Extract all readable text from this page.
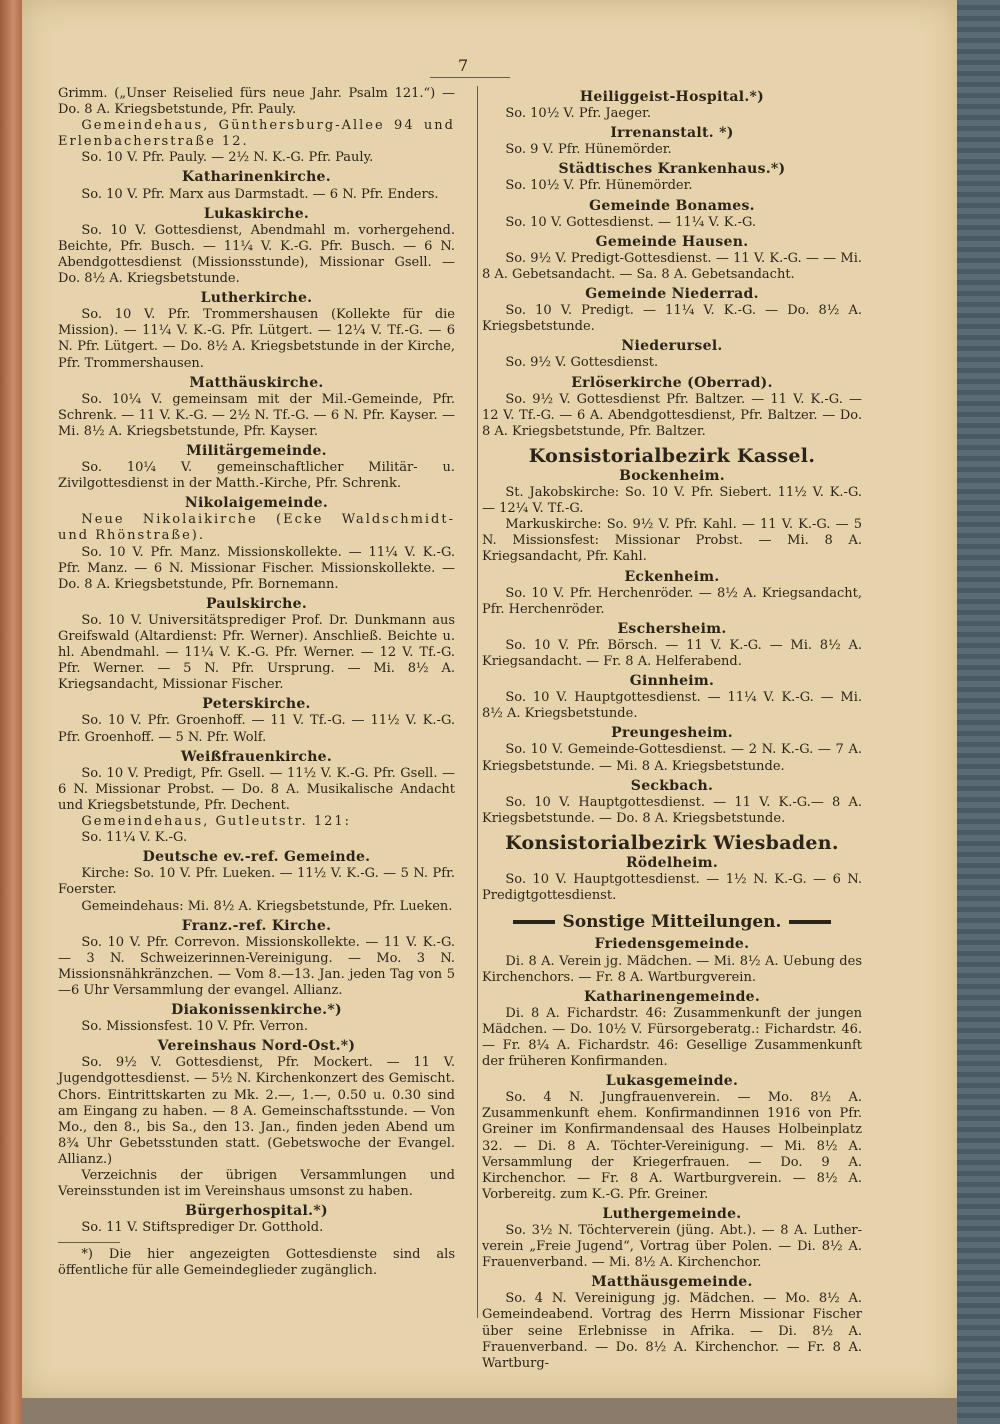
7

Grimm. („Unser Reiselied fürs neue Jahr. Psalm 121.“) — Do. 8 A. Kriegsbetstunde, Pfr. Pauly.

Gemeindehaus, Günthersburg-Allee 94 und Erlenbacherstraße 12.

So. 10 V. Pfr. Pauly. — 2½ N. K.-G. Pfr. Pauly.

Katharinenkirche.

So. 10 V. Pfr. Marx aus Darmstadt. — 6 N. Pfr. Enders.

Lukaskirche.

So. 10 V. Gottesdienst, Abendmahl m. vorhergehend. Beichte, Pfr. Busch. — 11¼ V. K.-G. Pfr. Busch. — 6 N. Abendgottesdienst (Missionsstunde), Missionar Gsell. — Do. 8½ A. Kriegsbetstunde.

Lutherkirche.

So. 10 V. Pfr. Trommershausen (Kollekte für die Mission). — 11¼ V. K.-G. Pfr. Lütgert. — 12¼ V. Tf.-G. — 6 N. Pfr. Lütgert. — Do. 8½ A. Kriegsbetstunde in der Kirche, Pfr. Trommershausen.

Matthäuskirche.

So. 10¼ V. gemeinsam mit der Mil.-Gemeinde, Pfr. Schrenk. — 11 V. K.-G. — 2½ N. Tf.-G. — 6 N. Pfr. Kayser. — Mi. 8½ A. Kriegsbetstunde, Pfr. Kayser.

Militärgemeinde.

So. 10¼ V. gemeinschaftlicher Militär- u. Zivilgottesdienst in der Matth.-Kirche, Pfr. Schrenk.

Nikolaigemeinde.

Neue Nikolaikirche (Ecke Waldschmidt- und Rhönstraße).

So. 10 V. Pfr. Manz. Missionskollekte. — 11¼ V. K.-G. Pfr. Manz. — 6 N. Missionar Fischer. Missionskollekte. — Do. 8 A. Kriegsbetstunde, Pfr. Bornemann.

Paulskirche.

So. 10 V. Universitätsprediger Prof. Dr. Dunkmann aus Greifswald (Altardienst: Pfr. Werner). Anschließ. Beichte u. hl. Abendmahl. — 11¼ V. K.-G. Pfr. Werner. — 12 V. Tf.-G. Pfr. Werner. — 5 N. Pfr. Ursprung. — Mi. 8½ A. Kriegsandacht, Missionar Fischer.

Peterskirche.

So. 10 V. Pfr. Groenhoff. — 11 V. Tf.-G. — 11½ V. K.-G. Pfr. Groenhoff. — 5 N. Pfr. Wolf.

Weißfrauenkirche.

So. 10 V. Predigt, Pfr. Gsell. — 11½ V. K.-G. Pfr. Gsell. — 6 N. Missionar Probst. — Do. 8 A. Musikalische Andacht und Kriegsbetstunde, Pfr. Dechent.

Gemeindehaus, Gutleutstr. 121:

So. 11¼ V. K.-G.

Deutsche ev.-ref. Gemeinde.

Kirche: So. 10 V. Pfr. Lueken. — 11½ V. K.-G. — 5 N. Pfr. Foerster.

Gemeindehaus: Mi. 8½ A. Kriegsbetstunde, Pfr. Lueken.

Franz.-ref. Kirche.

So. 10 V. Pfr. Correvon. Missionskollekte. — 11 V. K.-G. — 3 N. Schweizerinnen-Vereinigung. — Mo. 3 N. Missionsnähkränzchen. — Vom 8.—13. Jan. jeden Tag von 5—6 Uhr Versammlung der evangel. Allianz.

Diakonissenkirche.*)

So. Missionsfest. 10 V. Pfr. Verron.

Vereinshaus Nord-Ost.*)

So. 9½ V. Gottesdienst, Pfr. Mockert. — 11 V. Jugendgottesdienst. — 5½ N. Kirchenkonzert des Gemischt. Chors. Eintrittskarten zu Mk. 2.—, 1.—, 0.50 u. 0.30 sind am Eingang zu haben. — 8 A. Gemeinschaftsstunde. — Von Mo., den 8., bis Sa., den 13. Jan., finden jeden Abend um 8¾ Uhr Gebetsstunden statt. (Gebetswoche der Evangel. Allianz.)

Verzeichnis der übrigen Versammlungen und Vereinsstunden ist im Vereinshaus umsonst zu haben.

Bürgerhospital.*)

So. 11 V. Stiftsprediger Dr. Gotthold.

*) Die hier angezeigten Gottesdienste sind als öffentliche für alle Gemeindeglieder zugänglich.

Heiliggeist-Hospital.*)

So. 10½ V. Pfr. Jaeger.

Irrenanstalt. *)

So. 9 V. Pfr. Hünemörder.

Städtisches Krankenhaus.*)

So. 10½ V. Pfr. Hünemörder.

Gemeinde Bonames.

So. 10 V. Gottesdienst. — 11¼ V. K.-G.

Gemeinde Hausen.

So. 9½ V. Predigt-Gottesdienst. — 11 V. K.-G. — — Mi. 8 A. Gebetsandacht. — Sa. 8 A. Gebetsandacht.

Gemeinde Niederrad.

So. 10 V. Predigt. — 11¼ V. K.-G. — Do. 8½ A. Kriegsbetstunde.

Niederursel.

So. 9½ V. Gottesdienst.

Erlöserkirche (Oberrad).

So. 9½ V. Gottesdienst Pfr. Baltzer. — 11 V. K.-G. — 12 V. Tf.-G. — 6 A. Abendgottesdienst, Pfr. Baltzer. — Do. 8 A. Kriegsbetstunde, Pfr. Baltzer.

Konsistorialbezirk Kassel.
Bockenheim.

St. Jakobskirche: So. 10 V. Pfr. Siebert. 11½ V. K.-G. — 12¼ V. Tf.-G.

Markuskirche: So. 9½ V. Pfr. Kahl. — 11 V. K.-G. — 5 N. Missionsfest: Missionar Probst. — Mi. 8 A. Kriegsandacht, Pfr. Kahl.

Eckenheim.

So. 10 V. Pfr. Herchenröder. — 8½ A. Kriegsandacht, Pfr. Herchenröder.

Eschersheim.

So. 10 V. Pfr. Börsch. — 11 V. K.-G. — Mi. 8½ A. Kriegsandacht. — Fr. 8 A. Helferabend.

Ginnheim.

So. 10 V. Hauptgottesdienst. — 11¼ V. K.-G. — Mi. 8½ A. Kriegsbetstunde.

Preungesheim.

So. 10 V. Gemeinde-Gottesdienst. — 2 N. K.-G. — 7 A. Kriegsbetstunde. — Mi. 8 A. Kriegsbetstunde.

Seckbach.

So. 10 V. Hauptgottesdienst. — 11 V. K.-G.— 8 A. Kriegsbetstunde. — Do. 8 A. Kriegsbetstunde.

Konsistorialbezirk Wiesbaden.
Rödelheim.

So. 10 V. Hauptgottesdienst. — 1½ N. K.-G. — 6 N. Predigtgottesdienst.

Sonstige Mitteilungen.
Friedensgemeinde.

Di. 8 A. Verein jg. Mädchen. — Mi. 8½ A. Uebung des Kirchenchors. — Fr. 8 A. Wartburgverein.

Katharinengemeinde.

Di. 8 A. Fichardstr. 46: Zusammenkunft der jungen Mädchen. — Do. 10½ V. Fürsorgeberatg.: Fichardstr. 46. — Fr. 8¼ A. Fichardstr. 46: Gesellige Zusammenkunft der früheren Konfirmanden.

Lukasgemeinde.

So. 4 N. Jungfrauenverein. — Mo. 8½ A. Zusammenkunft ehem. Konfirmandinnen 1916 von Pfr. Greiner im Konfirmandensaal des Hauses Holbeinplatz 32. — Di. 8 A. Töchter-Vereinigung. — Mi. 8½ A. Versammlung der Kriegerfrauen. — Do. 9 A. Kirchenchor. — Fr. 8 A. Wartburgverein. — 8½ A. Vorbereitg. zum K.-G. Pfr. Greiner.

Luthergemeinde.

So. 3½ N. Töchterverein (jüng. Abt.). — 8 A. Luther-verein „Freie Jugend“, Vortrag über Polen. — Di. 8½ A. Frauenverband. — Mi. 8½ A. Kirchenchor.

Matthäusgemeinde.

So. 4 N. Vereinigung jg. Mädchen. — Mo. 8½ A. Gemeindeabend. Vortrag des Herrn Missionar Fischer über seine Erlebnisse in Afrika. — Di. 8½ A. Frauenverband. — Do. 8½ A. Kirchenchor. — Fr. 8 A. Wartburg-
